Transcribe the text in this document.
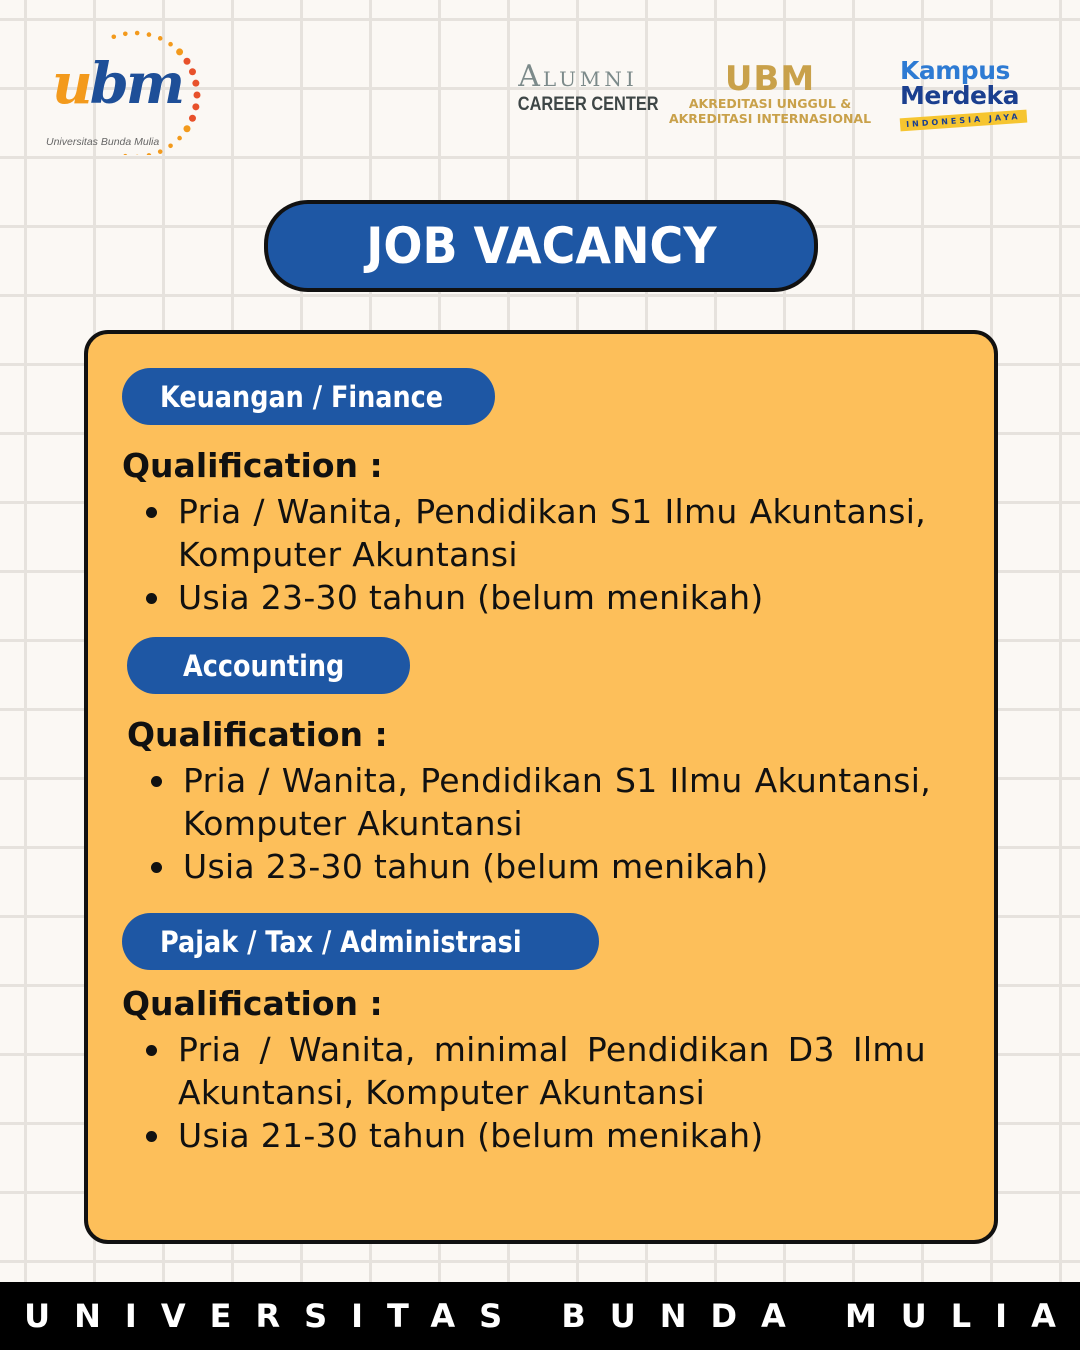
ubm
Universitas Bunda Mulia
ALUMNI
CAREER CENTER
UBM
AKREDITASI UNGGUL &
AKREDITASI INTERNASIONAL
Kampus
Merdeka
INDONESIA JAYA
JOB VACANCY
Keuangan / Finance
Qualification :
Pria / Wanita, Pendidikan S1 Ilmu Akuntansi, Komputer Akuntansi
Usia 23-30 tahun (belum menikah)
Accounting
Qualification :
Pria / Wanita, Pendidikan S1 Ilmu Akuntansi, Komputer Akuntansi
Usia 23-30 tahun (belum menikah)
Pajak / Tax / Administrasi
Qualification :
Pria / Wanita, minimal Pendidikan D3 Ilmu Akuntansi, Komputer Akuntansi
Usia 21-30 tahun (belum menikah)
UNIVERSITAS BUNDA MULIA
